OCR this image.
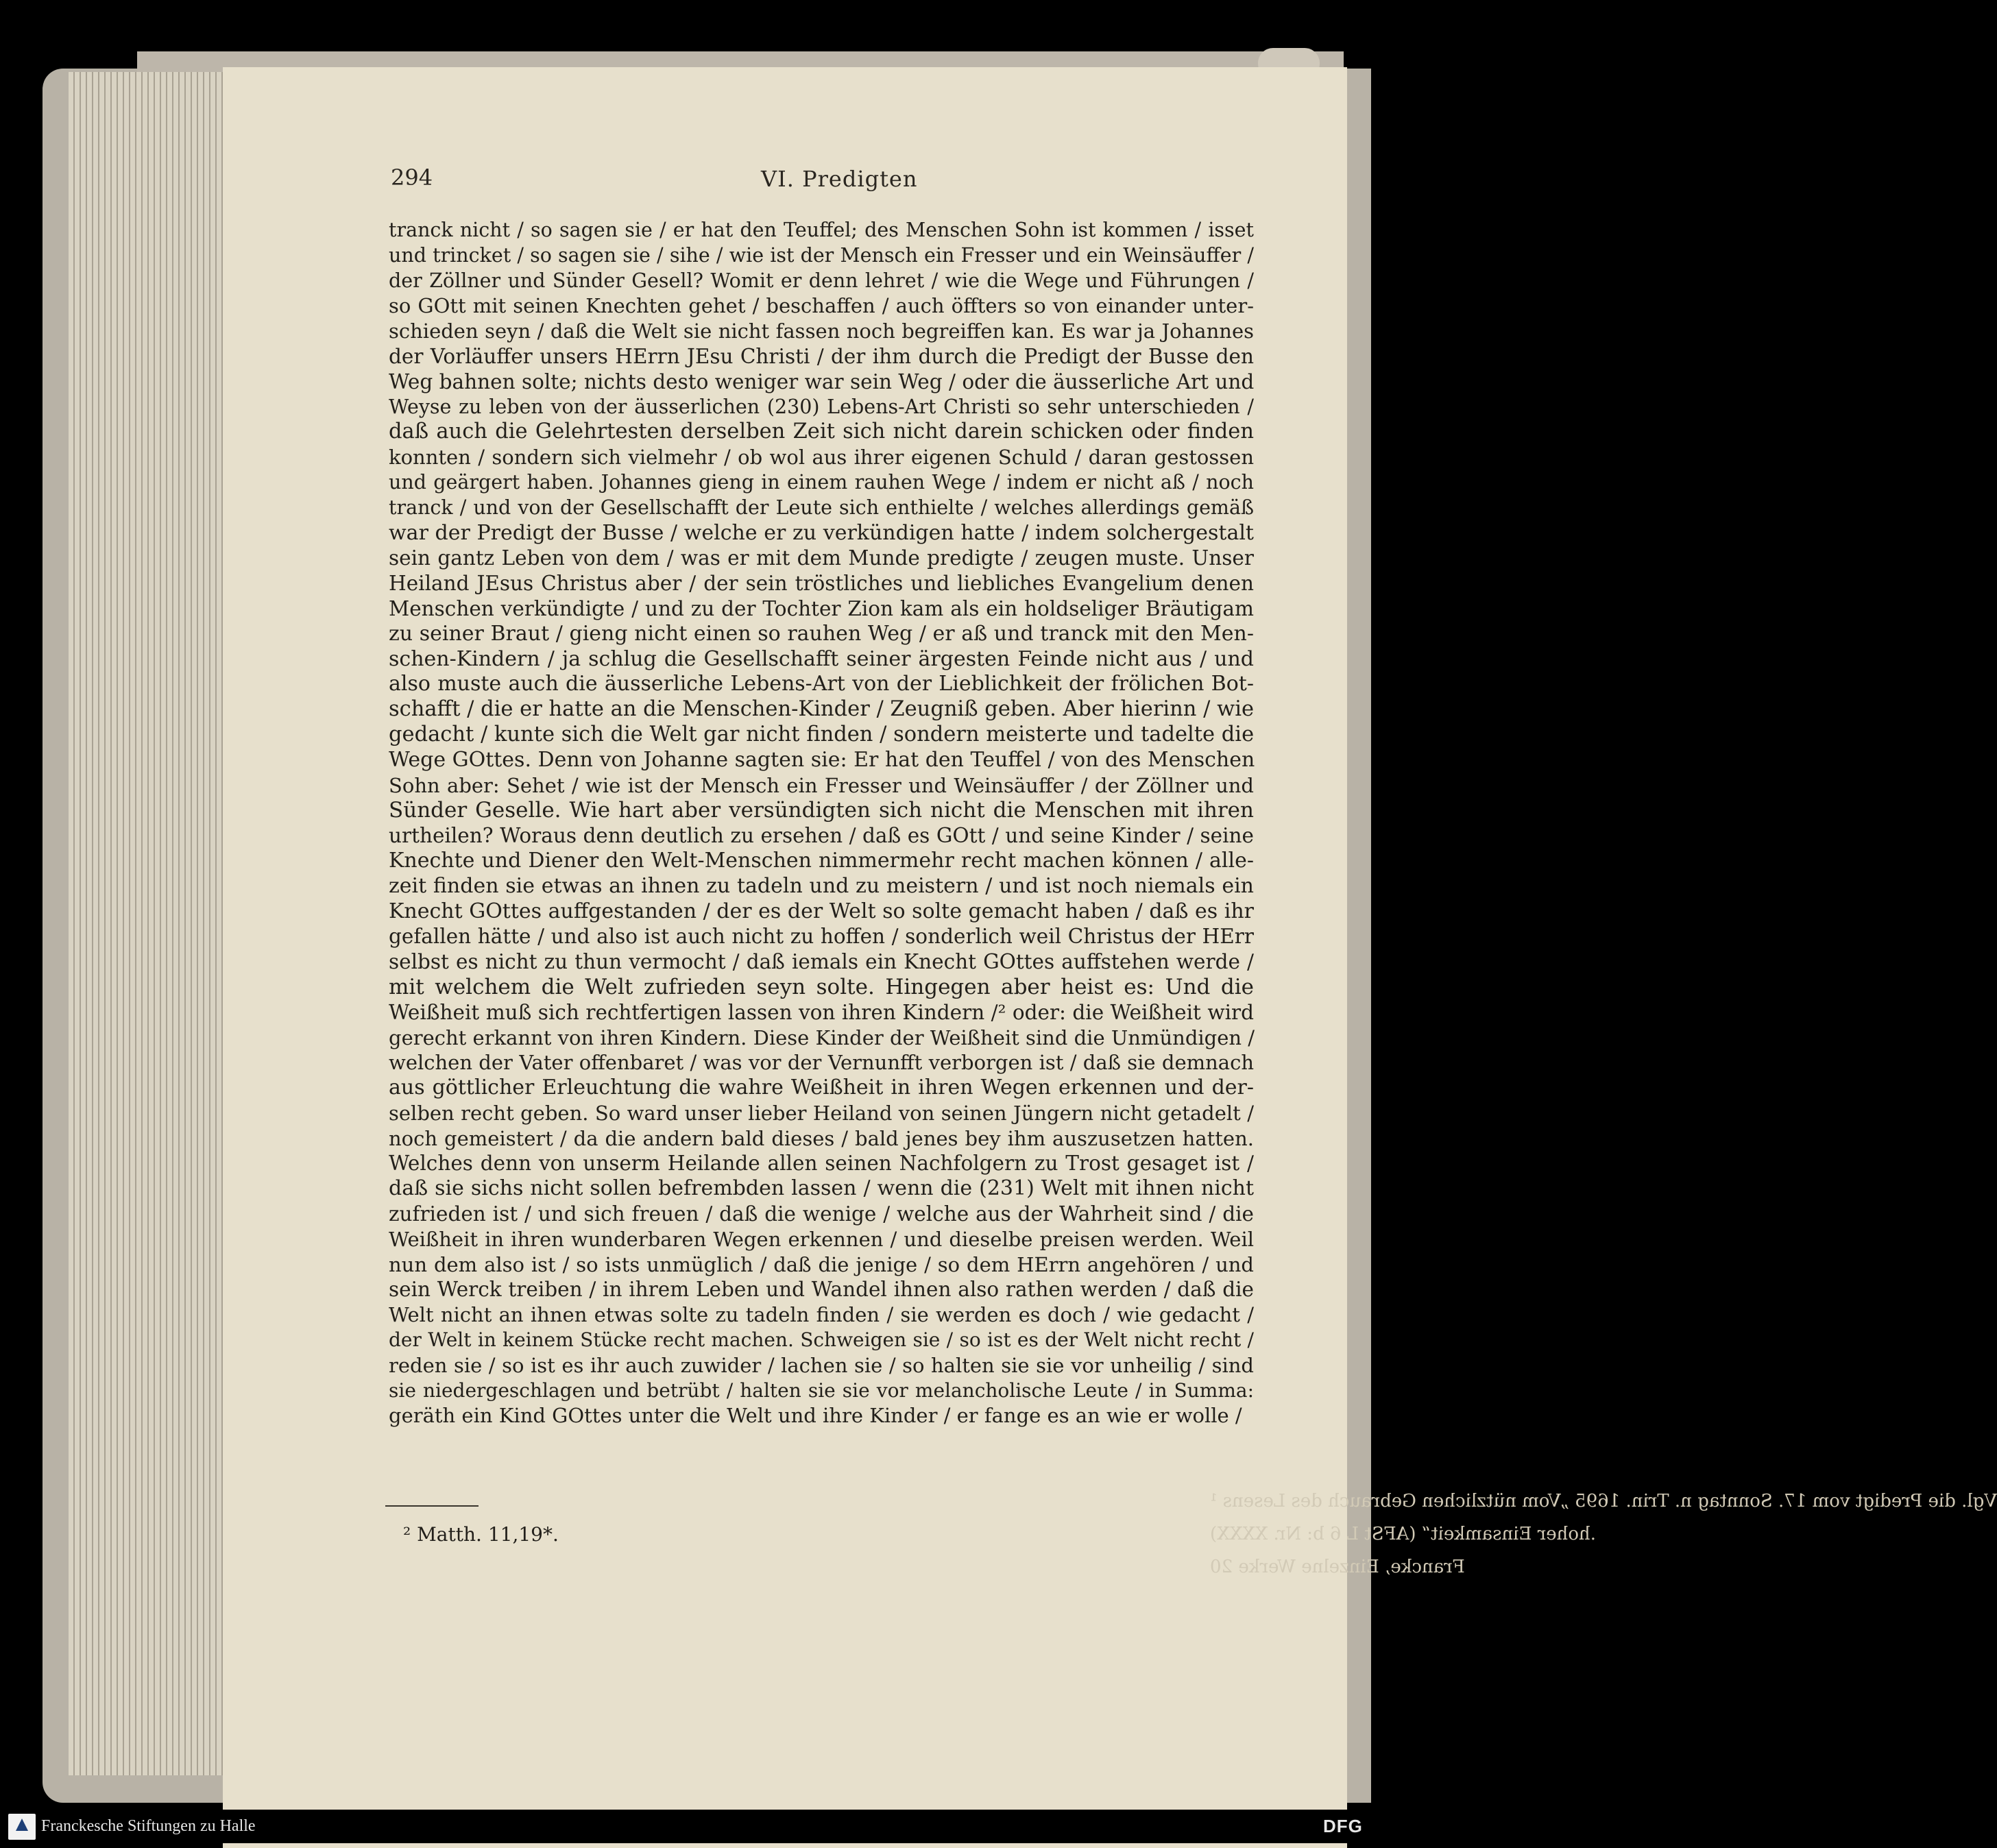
¹ Vgl. die Predigt vom 17. Sonntag n. Trin. 1695 „Vom nützlichen Gebrauch des Lesens
hoher Einsamkeit“ (AFSt L 6 b: Nr. XXXX).
20 Francke, Einzelne Werke
294	VI. Predigten
tranck nicht / so sagen sie / er hat den Teuffel; des Menschen Sohn ist kommen / isset
und trincket / so sagen sie / sihe / wie ist der Mensch ein Fresser und ein Weinsäuffer /
der Zöllner und Sünder Gesell? Womit er denn lehret / wie die Wege und Führungen /
so GOtt mit seinen Knechten gehet / beschaffen / auch öffters so von einander unter-
schieden seyn / daß die Welt sie nicht fassen noch begreiffen kan. Es war ja Johannes
der Vorläuffer unsers HErrn JEsu Christi / der ihm durch die Predigt der Busse den
Weg bahnen solte; nichts desto weniger war sein Weg / oder die äusserliche Art und
Weyse zu leben von der äusserlichen (230) Lebens-Art Christi so sehr unterschieden /
daß auch die Gelehrtesten derselben Zeit sich nicht darein schicken oder finden
konnten / sondern sich vielmehr / ob wol aus ihrer eigenen Schuld / daran gestossen
und geärgert haben. Johannes gieng in einem rauhen Wege / indem er nicht aß / noch
tranck / und von der Gesellschafft der Leute sich enthielte / welches allerdings gemäß
war der Predigt der Busse / welche er zu verkündigen hatte / indem solchergestalt
sein gantz Leben von dem / was er mit dem Munde predigte / zeugen muste. Unser
Heiland JEsus Christus aber / der sein tröstliches und liebliches Evangelium denen
Menschen verkündigte / und zu der Tochter Zion kam als ein holdseliger Bräutigam
zu seiner Braut / gieng nicht einen so rauhen Weg / er aß und tranck mit den Men-
schen-Kindern / ja schlug die Gesellschafft seiner ärgesten Feinde nicht aus / und
also muste auch die äusserliche Lebens-Art von der Lieblichkeit der frölichen Bot-
schafft / die er hatte an die Menschen-Kinder / Zeugniß geben. Aber hierinn / wie
gedacht / kunte sich die Welt gar nicht finden / sondern meisterte und tadelte die
Wege GOttes. Denn von Johanne sagten sie: Er hat den Teuffel / von des Menschen
Sohn aber: Sehet / wie ist der Mensch ein Fresser und Weinsäuffer / der Zöllner und
Sünder Geselle. Wie hart aber versündigten sich nicht die Menschen mit ihren
urtheilen? Woraus denn deutlich zu ersehen / daß es GOtt / und seine Kinder / seine
Knechte und Diener den Welt-Menschen nimmermehr recht machen können / alle-
zeit finden sie etwas an ihnen zu tadeln und zu meistern / und ist noch niemals ein
Knecht GOttes auffgestanden / der es der Welt so solte gemacht haben / daß es ihr
gefallen hätte / und also ist auch nicht zu hoffen / sonderlich weil Christus der HErr
selbst es nicht zu thun vermocht / daß iemals ein Knecht GOttes auffstehen werde /
mit welchem die Welt zufrieden seyn solte. Hingegen aber heist es: Und die
Weißheit muß sich rechtfertigen lassen von ihren Kindern /² oder: die Weißheit wird
gerecht erkannt von ihren Kindern. Diese Kinder der Weißheit sind die Unmündigen /
welchen der Vater offenbaret / was vor der Vernunfft verborgen ist / daß sie demnach
aus göttlicher Erleuchtung die wahre Weißheit in ihren Wegen erkennen und der-
selben recht geben. So ward unser lieber Heiland von seinen Jüngern nicht getadelt /
noch gemeistert / da die andern bald dieses / bald jenes bey ihm auszusetzen hatten.
Welches denn von unserm Heilande allen seinen Nachfolgern zu Trost gesaget ist /
daß sie sichs nicht sollen befrembden lassen / wenn die (231) Welt mit ihnen nicht
zufrieden ist / und sich freuen / daß die wenige / welche aus der Wahrheit sind / die
Weißheit in ihren wunderbaren Wegen erkennen / und dieselbe preisen werden. Weil
nun dem also ist / so ists unmüglich / daß die jenige / so dem HErrn angehören / und
sein Werck treiben / in ihrem Leben und Wandel ihnen also rathen werden / daß die
Welt nicht an ihnen etwas solte zu tadeln finden / sie werden es doch / wie gedacht /
der Welt in keinem Stücke recht machen. Schweigen sie / so ist es der Welt nicht recht /
reden sie / so ist es ihr auch zuwider / lachen sie / so halten sie sie vor unheilig / sind
sie niedergeschlagen und betrübt / halten sie sie vor melancholische Leute / in Summa:
geräth ein Kind GOttes unter die Welt und ihre Kinder / er fange es an wie er wolle /
² Matth. 11,19*.
Franckesche Stiftungen zu Halle	DFG
